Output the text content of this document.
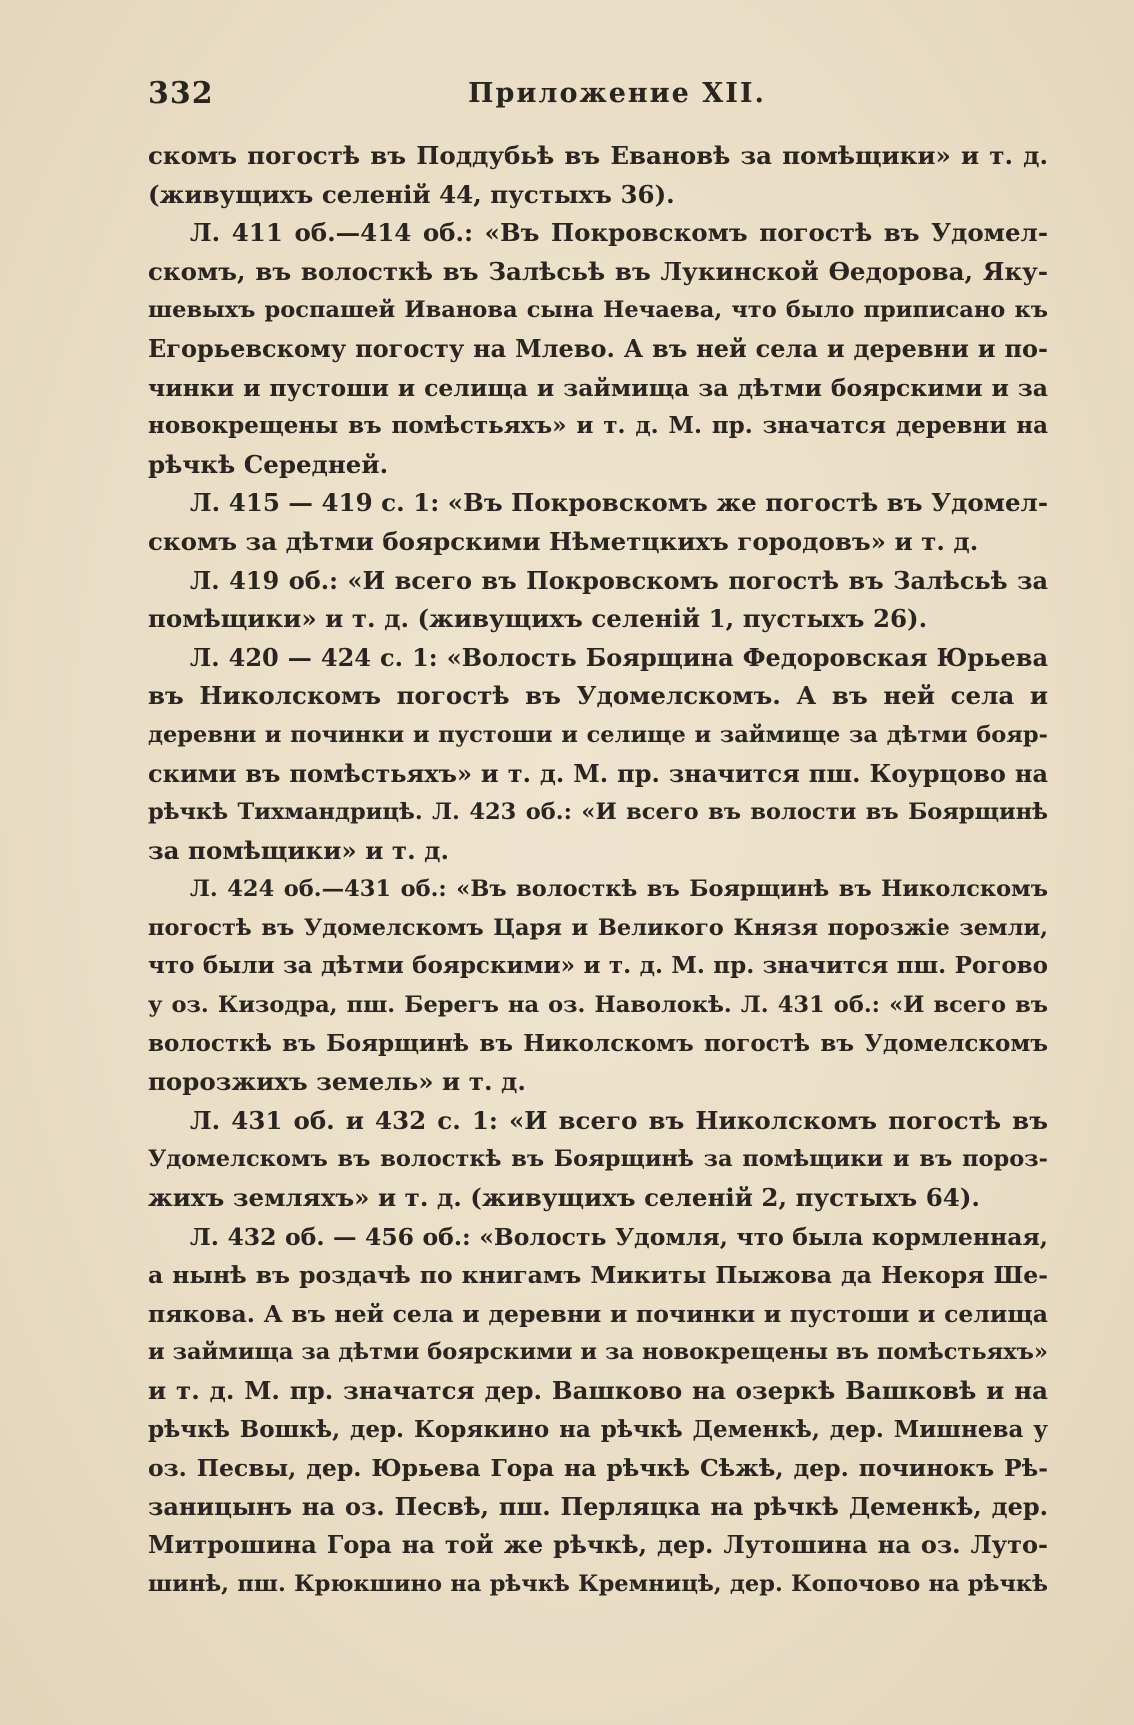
332	Приложение XII.
скомъ погостѣ въ Поддубьѣ въ Евановѣ за помѣщики» и т. д.
(живущихъ селеній 44, пустыхъ 36).
Л. 411 об.—414 об.: «Въ Покровскомъ погостѣ въ Удомел-
скомъ, въ волосткѣ въ Залѣсьѣ въ Лукинской Ѳедорова, Яку-
шевыхъ роспашей Иванова сына Нечаева, что было приписано къ
Егорьевскому погосту на Млево. А въ ней села и деревни и по-
чинки и пустоши и селища и займища за дѣтми боярскими и за
новокрещены въ помѣстьяхъ» и т. д. М. пр. значатся деревни на
рѣчкѣ Середней.
Л. 415 — 419 с. 1: «Въ Покровскомъ же погостѣ въ Удомел-
скомъ за дѣтми боярскими Нѣметцкихъ городовъ» и т. д.
Л. 419 об.: «И всего въ Покровскомъ погостѣ въ Залѣсьѣ за
помѣщики» и т. д. (живущихъ селеній 1, пустыхъ 26).
Л. 420 — 424 с. 1: «Волость Боярщина Федоровская Юрьева
въ Николскомъ погостѣ въ Удомелскомъ. А въ ней села и
деревни и починки и пустоши и селище и займище за дѣтми бояр-
скими въ помѣстьяхъ» и т. д. М. пр. значится пш. Коурцово на
рѣчкѣ Тихмандрицѣ. Л. 423 об.: «И всего въ волости въ Боярщинѣ
за помѣщики» и т. д.
Л. 424 об.—431 об.: «Въ волосткѣ въ Боярщинѣ въ Николскомъ
погостѣ въ Удомелскомъ Царя и Великого Князя порозжіе земли,
что были за дѣтми боярскими» и т. д. М. пр. значится пш. Рогово
у оз. Кизодра, пш. Берегъ на оз. Наволокѣ. Л. 431 об.: «И всего въ
волосткѣ въ Боярщинѣ въ Николскомъ погостѣ въ Удомелскомъ
порозжихъ земель» и т. д.
Л. 431 об. и 432 с. 1: «И всего въ Николскомъ погостѣ въ
Удомелскомъ въ волосткѣ въ Боярщинѣ за помѣщики и въ пороз-
жихъ земляхъ» и т. д. (живущихъ селеній 2, пустыхъ 64).
Л. 432 об. — 456 об.: «Волость Удомля, что была кормленная,
а нынѣ въ роздачѣ по книгамъ Микиты Пыжова да Некоря Ше-
пякова. А въ ней села и деревни и починки и пустоши и селища
и займища за дѣтми боярскими и за новокрещены въ помѣстьяхъ»
и т. д. М. пр. значатся дер. Вашково на озеркѣ Вашковѣ и на
рѣчкѣ Вошкѣ, дер. Корякино на рѣчкѣ Деменкѣ, дер. Мишнева у
оз. Песвы, дер. Юрьева Гора на рѣчкѣ Сѣжѣ, дер. починокъ Рѣ-
заницынъ на оз. Песвѣ, пш. Перляцка на рѣчкѣ Деменкѣ, дер.
Митрошина Гора на той же рѣчкѣ, дер. Лутошина на оз. Луто-
шинѣ, пш. Крюкшино на рѣчкѣ Кремницѣ, дер. Копочово на рѣчкѣ
